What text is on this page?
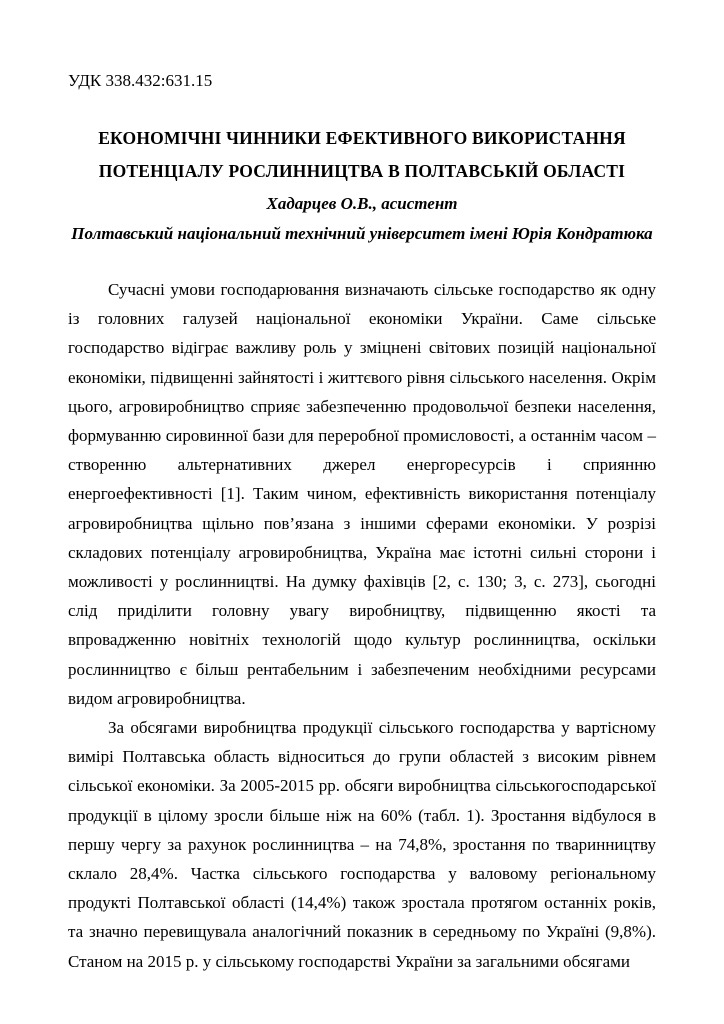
УДК 338.432:631.15
ЕКОНОМІЧНІ ЧИННИКИ ЕФЕКТИВНОГО ВИКОРИСТАННЯ
ПОТЕНЦІАЛУ РОСЛИННИЦТВА В ПОЛТАВСЬКІЙ ОБЛАСТІ
Хадарцев О.В., асистент
Полтавський національний технічний університет імені Юрія Кондратюка

Сучасні умови господарювання визначають сільське господарство як одну із головних галузей національної економіки України. Саме сільське господарство відіграє важливу роль у зміцнені світових позицій національної економіки, підвищенні зайнятості і життєвого рівня сільського населення. Окрім цього, агровиробництво сприяє забезпеченню продовольчої безпеки населення, формуванню сировинної бази для переробної промисловості, а останнім часом – створенню альтернативних джерел енергоресурсів і сприянню енергоефективності [1]. Таким чином, ефективність використання потенціалу агровиробництва щільно пов’язана з іншими сферами економіки. У розрізі складових потенціалу агровиробництва, Україна має істотні сильні сторони і можливості у рослинництві. На думку фахівців [2, с. 130; 3, с. 273], сьогодні слід приділити головну увагу виробництву, підвищенню якості та впровадженню новітніх технологій щодо культур рослинництва, оскільки рослинництво є більш рентабельним і забезпеченим необхідними ресурсами видом агровиробництва.

За обсягами виробництва продукції сільського господарства у вартісному вимірі Полтавська область відноситься до групи областей з високим рівнем сільської економіки. За 2005-2015 рр. обсяги виробництва сільськогосподарської продукції в цілому зросли більше ніж на 60% (табл. 1). Зростання відбулося в першу чергу за рахунок рослинництва – на 74,8%, зростання по тваринництву склало 28,4%. Частка сільського господарства у валовому регіональному продукті Полтавської області (14,4%) також зростала протягом останніх років, та значно перевищувала аналогічний показник в середньому по Україні (9,8%). Станом на 2015 р. у сільському господарстві України за загальними обсягами
